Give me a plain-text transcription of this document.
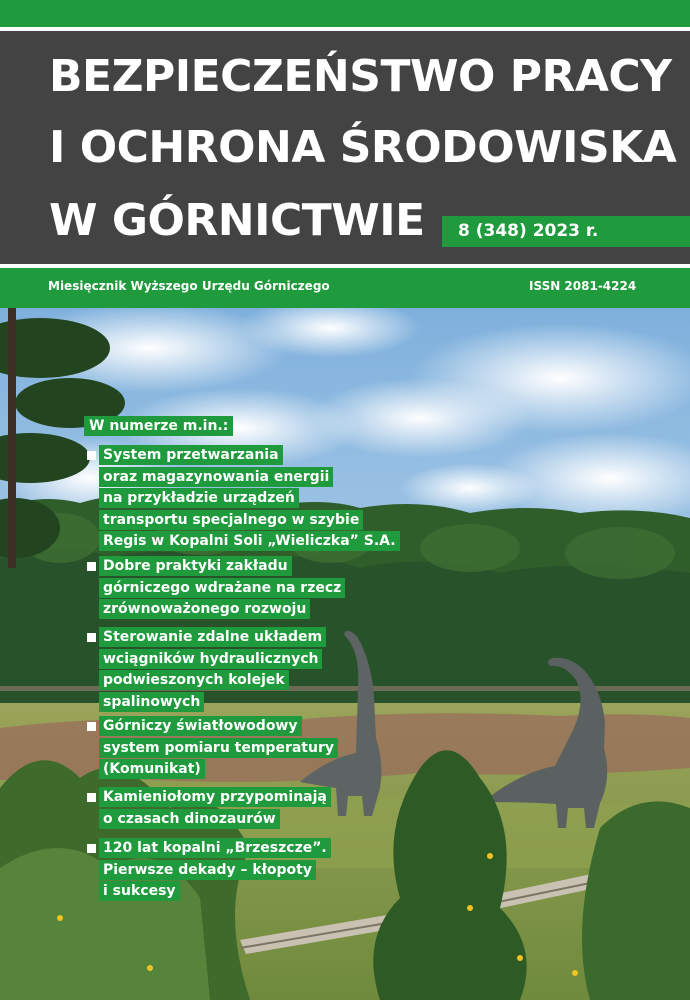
BEZPIECZEŃSTWO PRACY
I OCHRONA ŚRODOWISKA
W GÓRNICTWIE 8 (348) 2023 r.
Miesięcznik Wyższego Urzędu Górniczego	ISSN 2081-4224
W numerze m.in.:
System przetwarzania
oraz magazynowania energii
na przykładzie urządzeń
transportu specjalnego w szybie
Regis w Kopalni Soli „Wieliczka” S.A.
Dobre praktyki zakładu
górniczego wdrażane na rzecz
zrównoważonego rozwoju
Sterowanie zdalne układem
wciągników hydraulicznych
podwieszonych kolejek
spalinowych
Górniczy światłowodowy
system pomiaru temperatury
(Komunikat)
Kamieniołomy przypominają
o czasach dinozaurów
120 lat kopalni „Brzeszcze”.
Pierwsze dekady – kłopoty
i sukcesy
